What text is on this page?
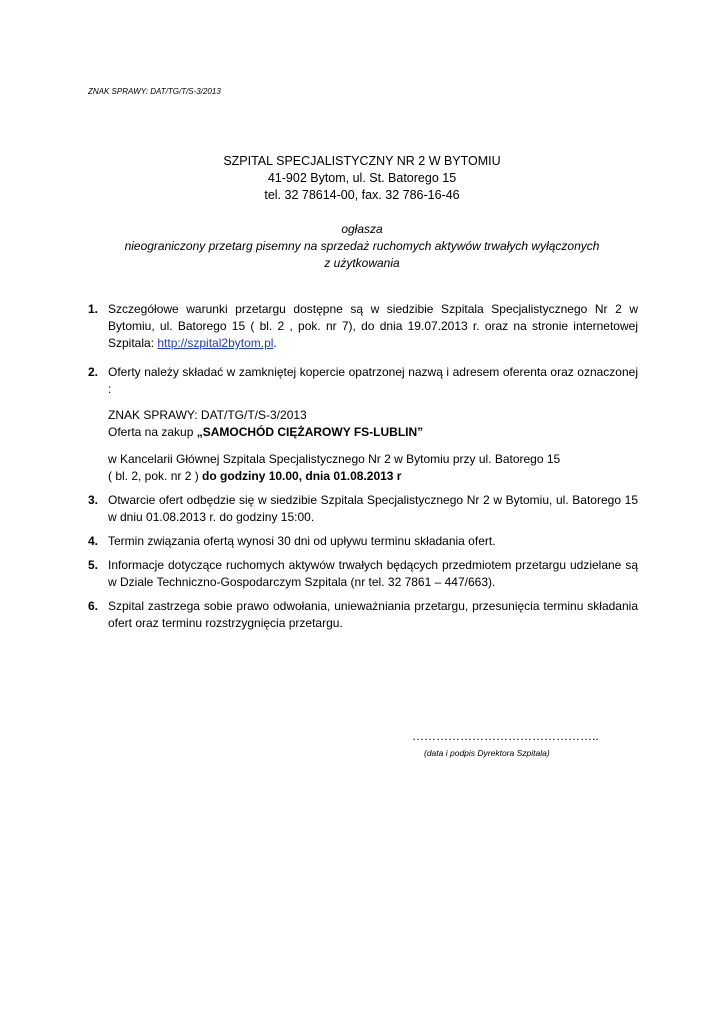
ZNAK SPRAWY: DAT/TG/T/S-3/2013
SZPITAL SPECJALISTYCZNY NR 2 W BYTOMIU
41-902 Bytom, ul. St. Batorego 15
tel. 32 78614-00, fax. 32 786-16-46
ogłasza
nieograniczony przetarg pisemny na sprzedaż ruchomych aktywów trwałych wyłączonych
z użytkowania
1. Szczegółowe warunki przetargu dostępne są w siedzibie Szpitala Specjalistycznego Nr 2 w Bytomiu, ul. Batorego 15 ( bl. 2 , pok. nr 7), do dnia 19.07.2013 r. oraz na stronie internetowej Szpitala: http://szpital2bytom.pl.
2. Oferty należy składać w zamkniętej kopercie opatrzonej nazwą i adresem oferenta oraz oznaczonej :

ZNAK SPRAWY: DAT/TG/T/S-3/2013

Oferta na zakup „SAMOCHÓD CIĘŻAROWY FS-LUBLIN”

w Kancelarii Głównej Szpitala Specjalistycznego Nr 2 w Bytomiu przy ul. Batorego 15

( bl. 2, pok. nr 2 ) do godziny 10.00, dnia 01.08.2013 r

3. Otwarcie ofert odbędzie się w siedzibie Szpitala Specjalistycznego Nr 2 w Bytomiu, ul. Batorego 15 w dniu 01.08.2013 r. do godziny 15:00.
4. Termin związania ofertą wynosi 30 dni od upływu terminu składania ofert.
5. Informacje dotyczące ruchomych aktywów trwałych będących przedmiotem przetargu udzielane są w Dziale Techniczno-Gospodarczym Szpitala (nr tel. 32 7861 – 447/663).
6. Szpital zastrzega sobie prawo odwołania, unieważniania przetargu, przesunięcia terminu składania ofert oraz terminu rozstrzygnięcia przetargu.
………………………………………..
(data i podpis Dyrektora Szpitala)
